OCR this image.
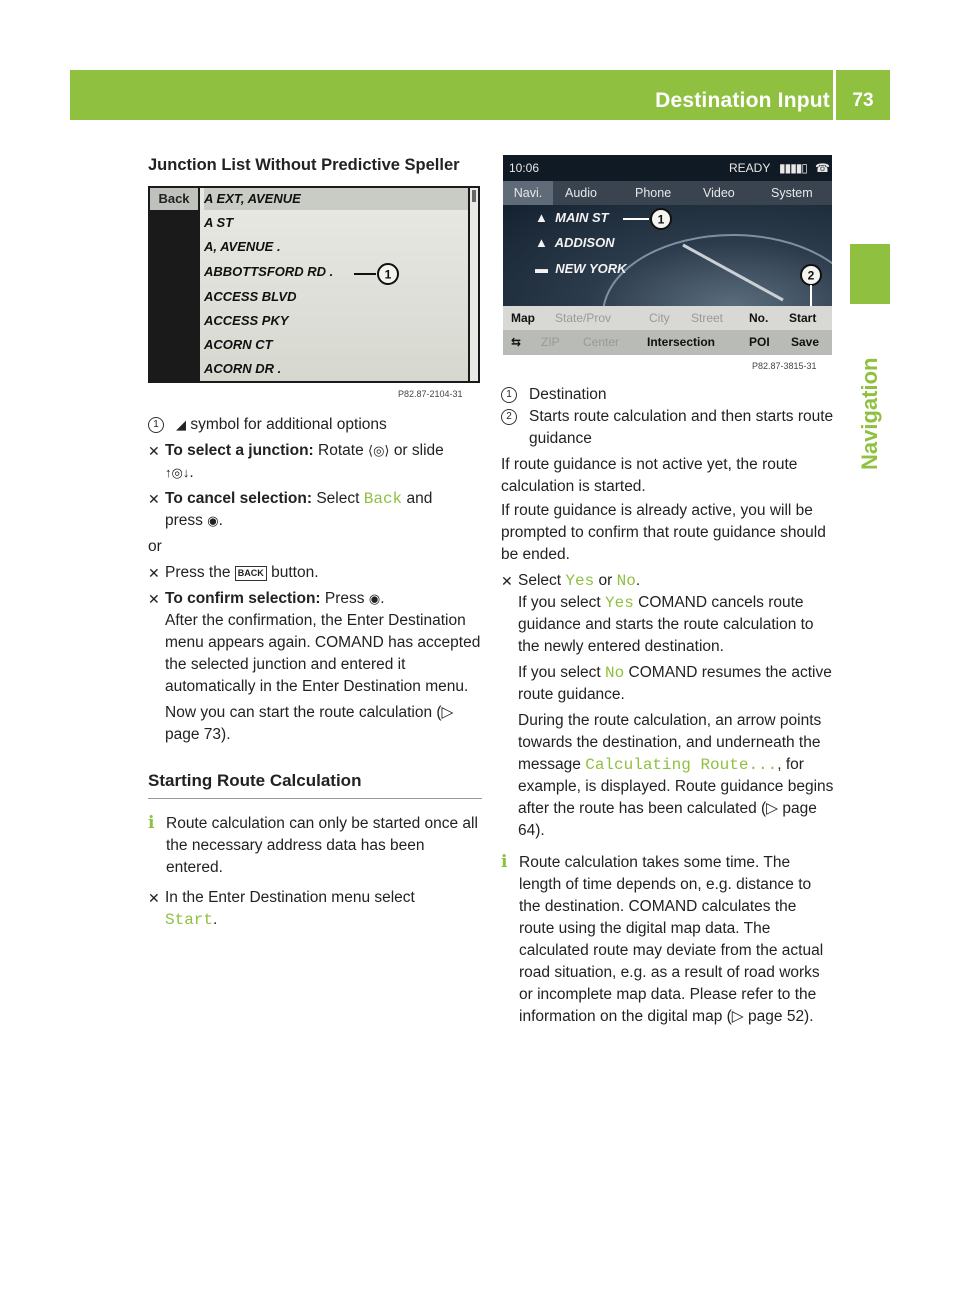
Destination Input	73
Navigation

Junction List Without Predictive Speller

A EXT, AVENUE
A ST
A, AVENUE .
ABBOTTSFORD RD .
ACCESS BLVD
ACCESS PKY
ACORN CT
ACORN DR .
Back
1
P82.87-2104-31

1	◢ symbol for additional options

✕ To select a junction: Rotate ⟨◎⟩ or slide
↑◎↓.

✕ To cancel selection: Select Back and
press ◉.

or

✕ Press the BACK button.

✕ To confirm selection: Press ◉.

After the confirmation, the Enter Destination menu appears again. COMAND has accepted the selected junction and entered it automatically in the Enter Destination menu.

Now you can start the route calculation (▷ page 73).

Starting Route Calculation

i Route calculation can only be started once all the necessary address data has been entered.

✕ In the Enter Destination menu select
Start.

10:06	READY ▮▮▮▮▯ ☎
Navi.	Audio	Phone	Video	System
▲ MAIN ST
▲ ADDISON
▬ NEW YORK
1
2
Map State/Prov	City Street No. Start
⇆ ZIP Center Intersection	POI Save
P82.87-3815-31

1	Destination

2	Starts route calculation and then starts route guidance

If route guidance is not active yet, the route calculation is started.

If route guidance is already active, you will be prompted to confirm that route guidance should be ended.

✕ Select Yes or No.
If you select Yes COMAND cancels route guidance and starts the route calculation to the newly entered destination.

If you select No COMAND resumes the active route guidance.

During the route calculation, an arrow points towards the destination, and underneath the message Calculating Route..., for example, is displayed. Route guidance begins after the route has been calculated (▷ page 64).

i Route calculation takes some time. The length of time depends on, e.g. distance to the destination. COMAND calculates the route using the digital map data. The calculated route may deviate from the actual road situation, e.g. as a result of road works or incomplete map data. Please refer to the information on the digital map (▷ page 52).
